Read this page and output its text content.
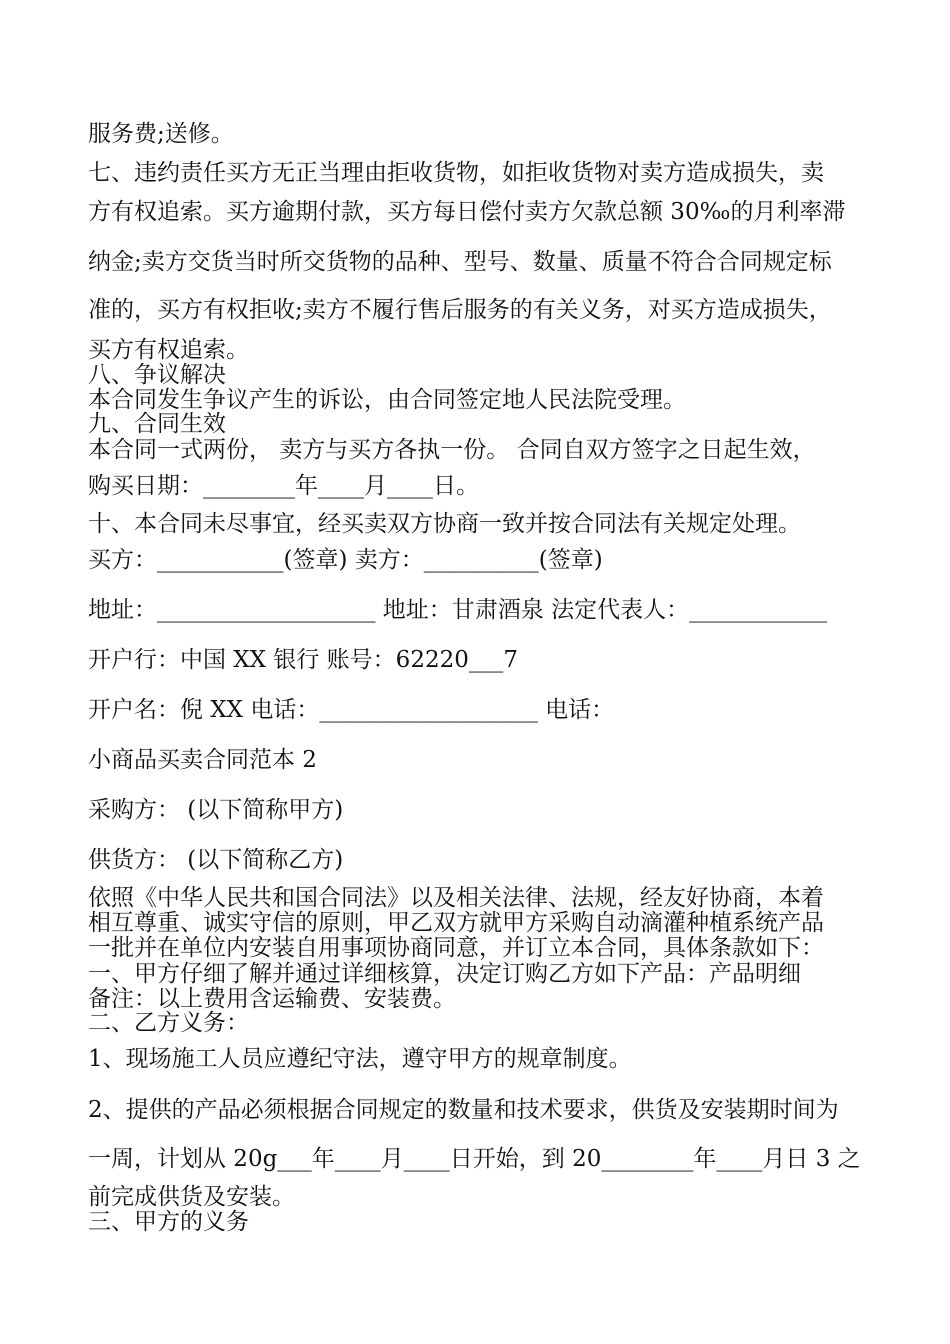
服务费;送修。
七、违约责任买方无正当理由拒收货物，如拒收货物对卖方造成损失，卖
方有权追索。买方逾期付款，买方每日偿付卖方欠款总额 30‰的月利率滞
纳金;卖方交货当时所交货物的品种、型号、数量、质量不符合合同规定标
准的，买方有权拒收;卖方不履行售后服务的有关义务，对买方造成损失，
买方有权追索。
八、争议解决
本合同发生争议产生的诉讼，由合同签定地人民法院受理。
九、合同生效
本合同一式两份， 卖方与买方各执一份。 合同自双方签字之日起生效，
购买日期：________年____月____日。
十、本合同未尽事宜，经买卖双方协商一致并按合同法有关规定处理。
买方：___________(签章) 卖方：__________(签章)
地址：___________________ 地址：甘肃酒泉 法定代表人：____________
开户行：中国 XX 银行 账号：62220___7
开户名：倪 XX 电话：___________________ 电话：
小商品买卖合同范本 2
采购方： (以下简称甲方)
供货方： (以下简称乙方)
依照《中华人民共和国合同法》以及相关法律、法规，经友好协商，本着
相互尊重、诚实守信的原则，甲乙双方就甲方采购自动滴灌种植系统产品
一批并在单位内安装自用事项协商同意，并订立本合同，具体条款如下：
一、甲方仔细了解并通过详细核算，决定订购乙方如下产品：产品明细
备注：以上费用含运输费、安装费。
二、乙方义务：
1、现场施工人员应遵纪守法，遵守甲方的规章制度。
2、提供的产品必须根据合同规定的数量和技术要求，供货及安装期时间为
一周，计划从 20g___年____月____日开始，到 20________年____月日 3 之
前完成供货及安装。
三、甲方的义务
